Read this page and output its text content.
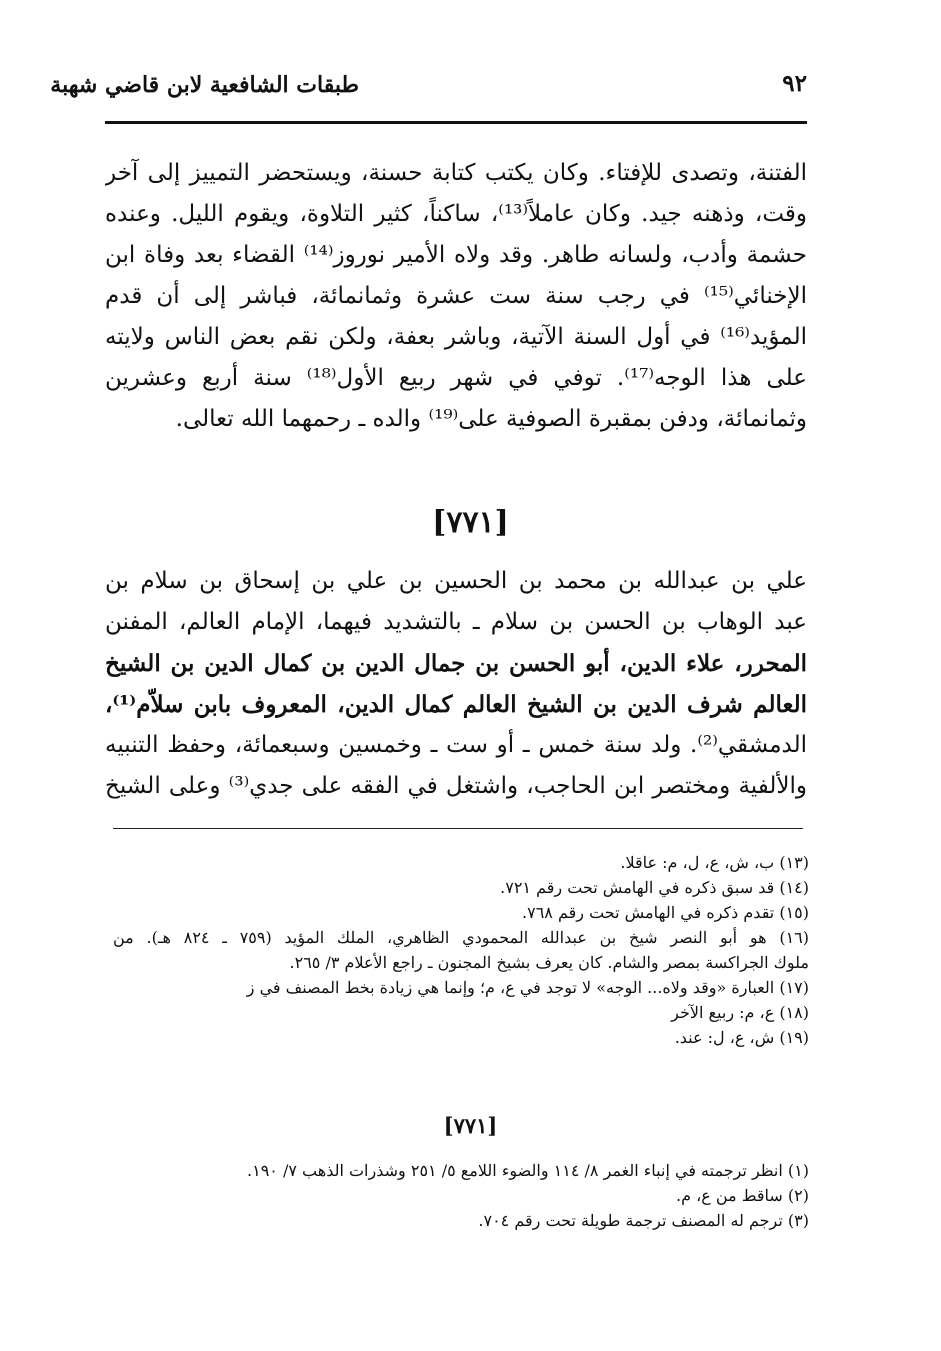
طبقات الشافعية لابن قاضي شهبة	٩٢
الفتنة، وتصدى للإفتاء. وكان يكتب كتابة حسنة، ويستحضر التمييز إلى آخر
وقت، وذهنه جيد. وكان عاملاً⁽¹³⁾، ساكناً، كثير التلاوة، ويقوم الليل. وعنده
حشمة وأدب، ولسانه طاهر. وقد ولاه الأمير نوروز⁽¹⁴⁾ القضاء بعد وفاة ابن
الإخنائي⁽¹⁵⁾ في رجب سنة ست عشرة وثمانمائة، فباشر إلى أن قدم
المؤيد⁽¹⁶⁾ في أول السنة الآتية، وباشر بعفة، ولكن نقم بعض الناس ولايته
على هذا الوجه⁽¹⁷⁾. توفي في شهر ربيع الأول⁽¹⁸⁾ سنة أربع وعشرين
وثمانمائة، ودفن بمقبرة الصوفية على⁽¹⁹⁾ والده ـ رحمهما الله تعالى.
[٧٧١]
علي بن عبدالله بن محمد بن الحسين بن علي بن إسحاق بن سلام بن
عبد الوهاب بن الحسن بن سلام ـ بالتشديد فيهما، الإمام العالم، المفنن
المحرر، علاء الدين، أبو الحسن بن جمال الدين بن كمال الدين بن الشيخ
العالم شرف الدين بن الشيخ العالم كمال الدين، المعروف بابن سلاّم⁽¹⁾،
الدمشقي⁽²⁾. ولد سنة خمس ـ أو ست ـ وخمسين وسبعمائة، وحفظ التنبيه
والألفية ومختصر ابن الحاجب، واشتغل في الفقه على جدي⁽³⁾ وعلى الشيخ
(١٣) ب، ش، ع، ل، م: عاقلا.
(١٤) قد سبق ذكره في الهامش تحت رقم ٧٢١.
(١٥) تقدم ذكره في الهامش تحت رقم ٧٦٨.
(١٦) هو أبو النصر شيخ بن عبدالله المحمودي الظاهري، الملك المؤيد (٧٥٩ ـ ٨٢٤ هـ). من
ملوك الجراكسة بمصر والشام. كان يعرف بشيخ المجنون ـ راجع الأعلام ٣/ ٢٦٥.
(١٧) العبارة «وقد ولاه... الوجه» لا توجد في ع، م؛ وإنما هي زيادة بخط المصنف في ز
(١٨) ع، م: ربيع الآخر
(١٩) ش، ع، ل: عند.
[٧٧١]
(١) انظر ترجمته في إنباء الغمر ٨/ ١١٤ والضوء اللامع ٥/ ٢٥١ وشذرات الذهب ٧/ ١٩٠.
(٢) ساقط من ع، م.
(٣) ترجم له المصنف ترجمة طويلة تحت رقم ٧٠٤.
